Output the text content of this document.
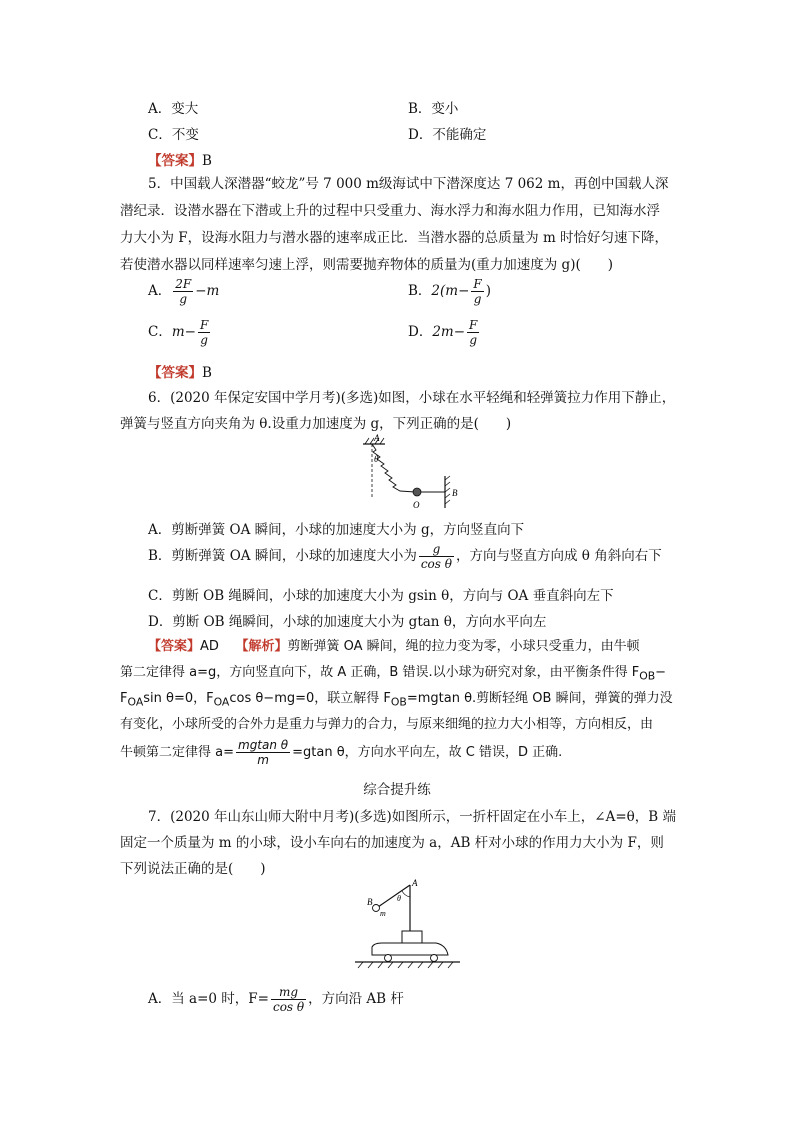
A．变大	B．变小
C．不变	D．不能确定
【答案】B
5．中国载人深潜器“蛟龙”号 7 000 m级海试中下潜深度达 7 062 m，再创中国载人深
潜纪录．设潜水器在下潜或上升的过程中只受重力、海水浮力和海水阻力作用，已知海水浮
力大小为 F，设海水阻力与潜水器的速率成正比．当潜水器的总质量为 m 时恰好匀速下降，
若使潜水器以同样速率匀速上浮，则需要抛弃物体的质量为(重力加速度为 g)(　　)
A． $\frac{2F}{g} -m$	B．$2(m- \frac{F}{g}$ )
C．$m- \frac{F}{g}$	D．$2m- \frac{F}{g}$
【答案】B
6．(2020 年保定安国中学月考)(多选)如图，小球在水平轻绳和轻弹簧拉力作用下静止，
弹簧与竖直方向夹角为 θ.设重力加速度为 g，下列正确的是(　　)
A
θ
B
O
A．剪断弹簧 OA 瞬间，小球的加速度大小为 g，方向竖直向下
B．剪断弹簧 OA 瞬间，小球的加速度大小为 $\frac{g}{\text{cos θ}}$ ，方向与竖直方向成 θ 角斜向右下
C．剪断 OB 绳瞬间，小球的加速度大小为 gsin θ，方向与 OA 垂直斜向左下
D．剪断 OB 绳瞬间，小球的加速度大小为 gtan θ，方向水平向左
【答案】AD 【解析】剪断弹簧 OA 瞬间，绳的拉力变为零，小球只受重力，由牛顿
第二定律得 a=g，方向竖直向下，故 A 正确，B 错误.以小球为研究对象，由平衡条件得 $F_{OB}-$
$F_{OA}\sin$ θ=0，$F_{OA}\cos$ θ−mg=0，联立解得 $F_{OB}=mgtan$ θ.剪断轻绳 OB 瞬间，弹簧的弹力没
有变化，小球所受的合外力是重力与弹力的合力，与原来细绳的拉力大小相等，方向相反，由
牛顿第二定律得 $a= \frac{\text{mgtan θ}}{m} =gtan$ θ，方向水平向左，故 C 错误，D 正确.
综合提升练
7．(2020 年山东山师大附中月考)(多选)如图所示，一折杆固定在小车上，∠A=θ，B 端
固定一个质量为 m 的小球，设小车向右的加速度为 a，AB 杆对小球的作用力大小为 F，则
下列说法正确的是(　　)
A
B
m
θ
A．当 a=0 时，$F= \frac{mg}{\text{cos θ}}$ ，方向沿 AB 杆
